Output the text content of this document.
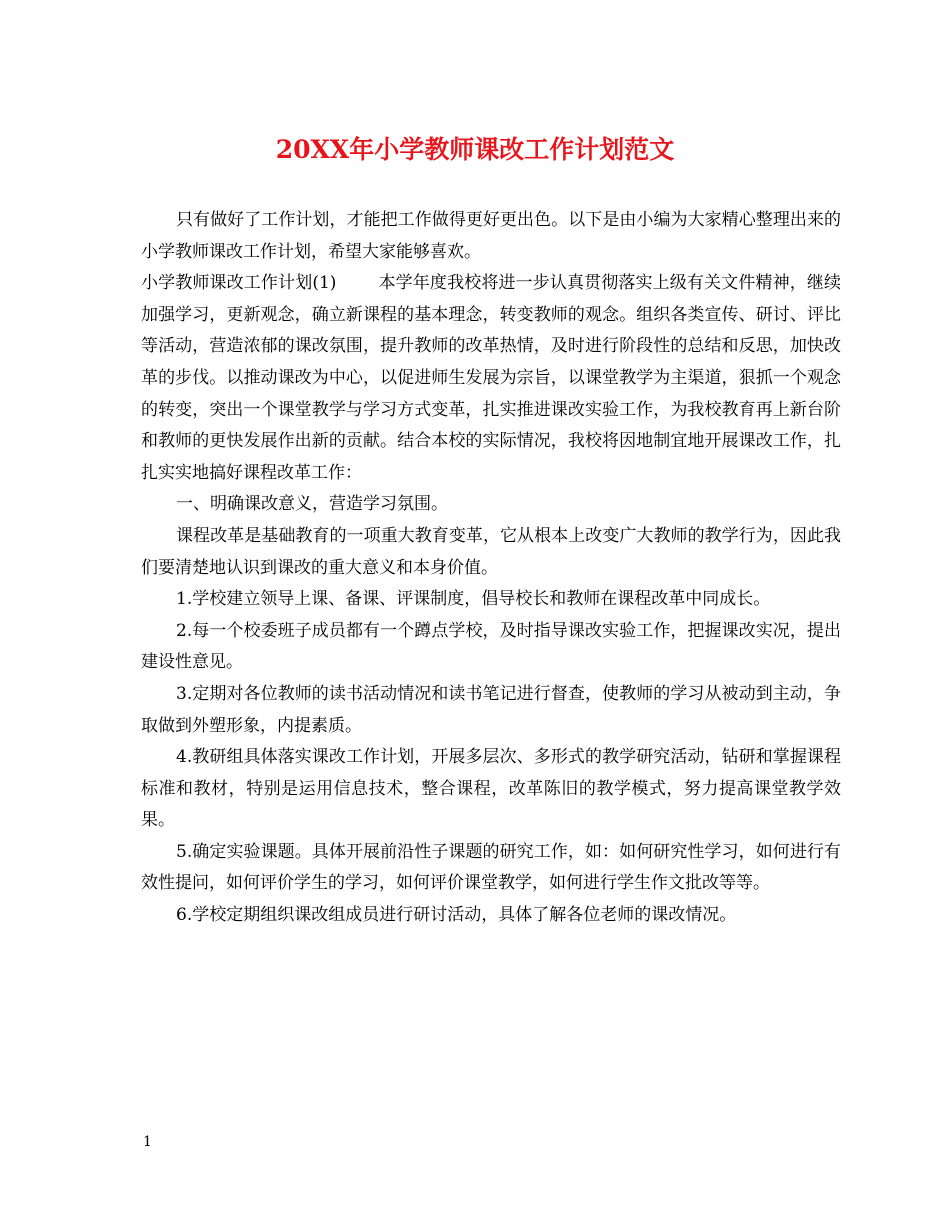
20XX年小学教师课改工作计划范文

只有做好了工作计划，才能把工作做得更好更出色。以下是由小编为大家精心整理出来的小学教师课改工作计划，希望大家能够喜欢。

小学教师课改工作计划(1) 本学年度我校将进一步认真贯彻落实上级有关文件精神，继续加强学习，更新观念，确立新课程的基本理念，转变教师的观念。组织各类宣传、研讨、评比等活动，营造浓郁的课改氛围，提升教师的改革热情，及时进行阶段性的总结和反思，加快改革的步伐。以推动课改为中心，以促进师生发展为宗旨，以课堂教学为主渠道，狠抓一个观念的转变，突出一个课堂教学与学习方式变革，扎实推进课改实验工作，为我校教育再上新台阶和教师的更快发展作出新的贡献。结合本校的实际情况，我校将因地制宜地开展课改工作，扎扎实实地搞好课程改革工作：

一、明确课改意义，营造学习氛围。

课程改革是基础教育的一项重大教育变革，它从根本上改变广大教师的教学行为，因此我们要清楚地认识到课改的重大意义和本身价值。

1.学校建立领导上课、备课、评课制度，倡导校长和教师在课程改革中同成长。

2.每一个校委班子成员都有一个蹲点学校，及时指导课改实验工作，把握课改实况，提出建设性意见。

3.定期对各位教师的读书活动情况和读书笔记进行督查，使教师的学习从被动到主动，争取做到外塑形象，内提素质。

4.教研组具体落实课改工作计划，开展多层次、多形式的教学研究活动，钻研和掌握课程标准和教材，特别是运用信息技术，整合课程，改革陈旧的教学模式，努力提高课堂教学效果。

5.确定实验课题。具体开展前沿性子课题的研究工作，如：如何研究性学习，如何进行有效性提问，如何评价学生的学习，如何评价课堂教学，如何进行学生作文批改等等。

6.学校定期组织课改组成员进行研讨活动，具体了解各位老师的课改情况。

1
